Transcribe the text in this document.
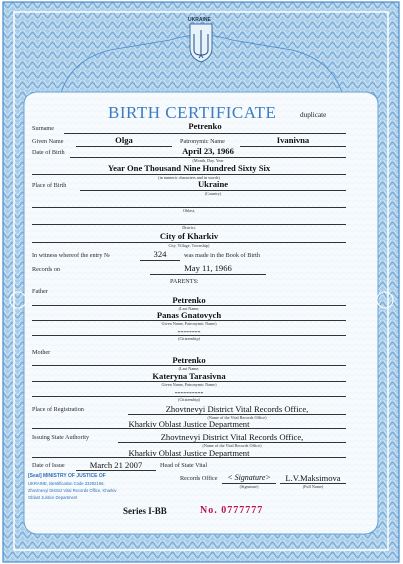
UKRAINE
BIRTH CERTIFICATE	duplicate
Surname	Petrenko
Given Name	Olga	Patronymic Name	Ivanivna
Date of Birth	April 23, 1966
(Month, Day, Year
Year One Thousand Nine Hundred Sixty Six
(in numeric characters and in words)
Place of Birth	Ukraine
(Country)
Oblast,
District,
City of Kharkiv
City, Village, Township)
In witness whereof the entry №	324	was made in the Book of Birth
Records on	May 11, 1966
PARENTS:
Father
Petrenko
(Last Name,
Panas Gnatovych
Given Name, Patronymic Name)
--------
(Citizenship)
Mother
Petrenko
(Last Name,
Kateryna Tarasivna
Given Name, Patronymic Name)
----------
(Citizenship)
Place of Registration	Zhovtnevyi District Vital Records Office,
(Name of the Vital Records Office)
Kharkiv Oblast Justice Department
Issuing State Authority	Zhovtnevyi District Vital Records Office,
(Name of the Vital Records Office)
Kharkiv Oblast Justice Department
Date of Issue	March 21 2007	Head of State Vital
Records Office	< Signature>
(Signature)
L.V.Maksimova
(Full Name)
[Seal] MINISTRY OF JUSTICE OF
UKRAINE, Identification Code 33292166,
Zhovtnevyi District Vital Records Office, Kharkiv
Oblast Justice Department
Series I-BB	No. 0777777
